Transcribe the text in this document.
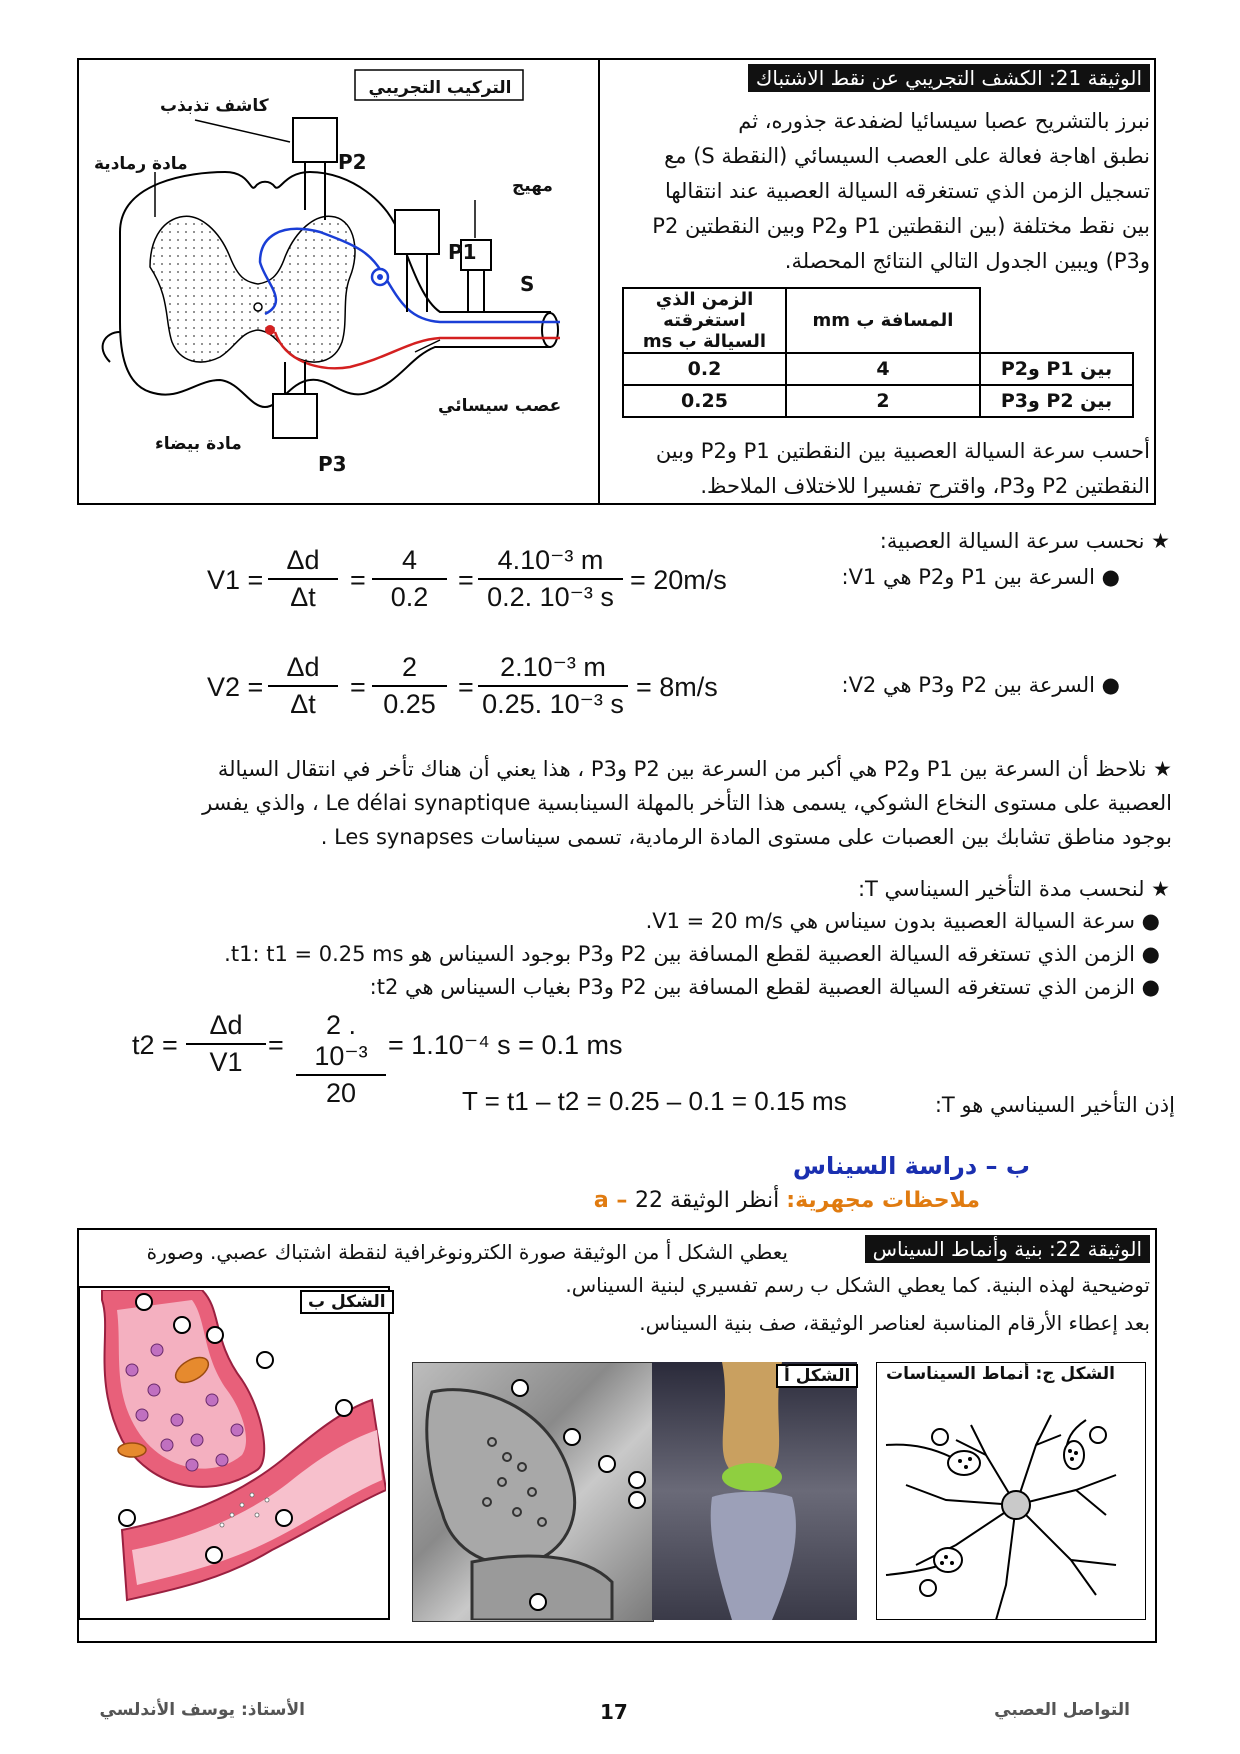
الوثيقة 21: الكشف التجريبي عن نقط الاشتباك
نبرز بالتشريح عصبا سيسائيا لضفدعة جذوره، ثم
نطبق اهاجة فعالة على العصب السيسائي (النقطة S) مع
تسجيل الزمن الذي تستغرقه السيالة العصبية عند انتقالها
بين نقط مختلفة (بين النقطتين P1 وP2 وبين النقطتين P2
وP3) ويبين الجدول التالي النتائج المحصلة.
	المسافة ب mm	الزمن الذي استغرقته السيالة ب ms
بين P1 وP2	4	0.2
بين P2 وP3	2	0.25
أحسب سرعة السيالة العصبية بين النقطتين P1 وP2 وبين
النقطتين P2 وP3، واقترح تفسيرا للاختلاف الملاحظ.
التركيب التجريبي
كاشف تذبذب
مادة رمادية
مهيج
عصب سيسائي
مادة بيضاء
P2
P1
S
P3
★ نحسب سرعة السيالة العصبية:
● السرعة بين P1 وP2 هي V1:
V1 =
Δd
Δt
=
4
0.2
=
4.10⁻³ m
0.2. 10⁻³ s
= 20m/s
● السرعة بين P2 وP3 هي V2:
V2 =
Δd
Δt
=
2
0.25
=
2.10⁻³ m
0.25. 10⁻³ s
= 8m/s
★ نلاحظ أن السرعة بين P1 وP2 هي أكبر من السرعة بين P2 وP3 ، هذا يعني أن هناك تأخر في انتقال السيالة
العصبية على مستوى النخاع الشوكي، يسمى هذا التأخر بالمهلة السينابسية Le délai synaptique ، والذي يفسر
بوجود مناطق تشابك بين العصبات على مستوى المادة الرمادية، تسمى سيناسات Les synapses .
★ لنحسب مدة التأخير السيناسي T:
● سرعة السيالة العصبية بدون سيناس هي V1 = 20 m/s.
● الزمن الذي تستغرقه السيالة العصبية لقطع المسافة بين P2 وP3 بوجود السيناس هو t1: t1 = 0.25 ms.
● الزمن الذي تستغرقه السيالة العصبية لقطع المسافة بين P2 وP3 بغياب السيناس هي t2:
t2 =
Δd
V1
=
2 . 10⁻³
20
= 1.10⁻⁴ s = 0.1 ms
إذن التأخير السيناسي هو T:
T = t1 – t2 = 0.25 – 0.1 = 0.15 ms
ب – دراسة السيناس
a – ملاحظات مجهرية: أنظر الوثيقة 22
الوثيقة 22: بنية وأنماط السيناس
يعطي الشكل أ من الوثيقة صورة الكترونوغرافية لنقطة اشتباك عصبي. وصورة
توضيحية لهذه البنية. كما يعطي الشكل ب رسم تفسيري لبنية السيناس.
بعد إعطاء الأرقام المناسبة لعناصر الوثيقة، صف بنية السيناس.
الشكل ب
الشكل أ	الشكل ج: أنماط السيناسات
الأستاذ: يوسف الأندلسي	17	التواصل العصبي
